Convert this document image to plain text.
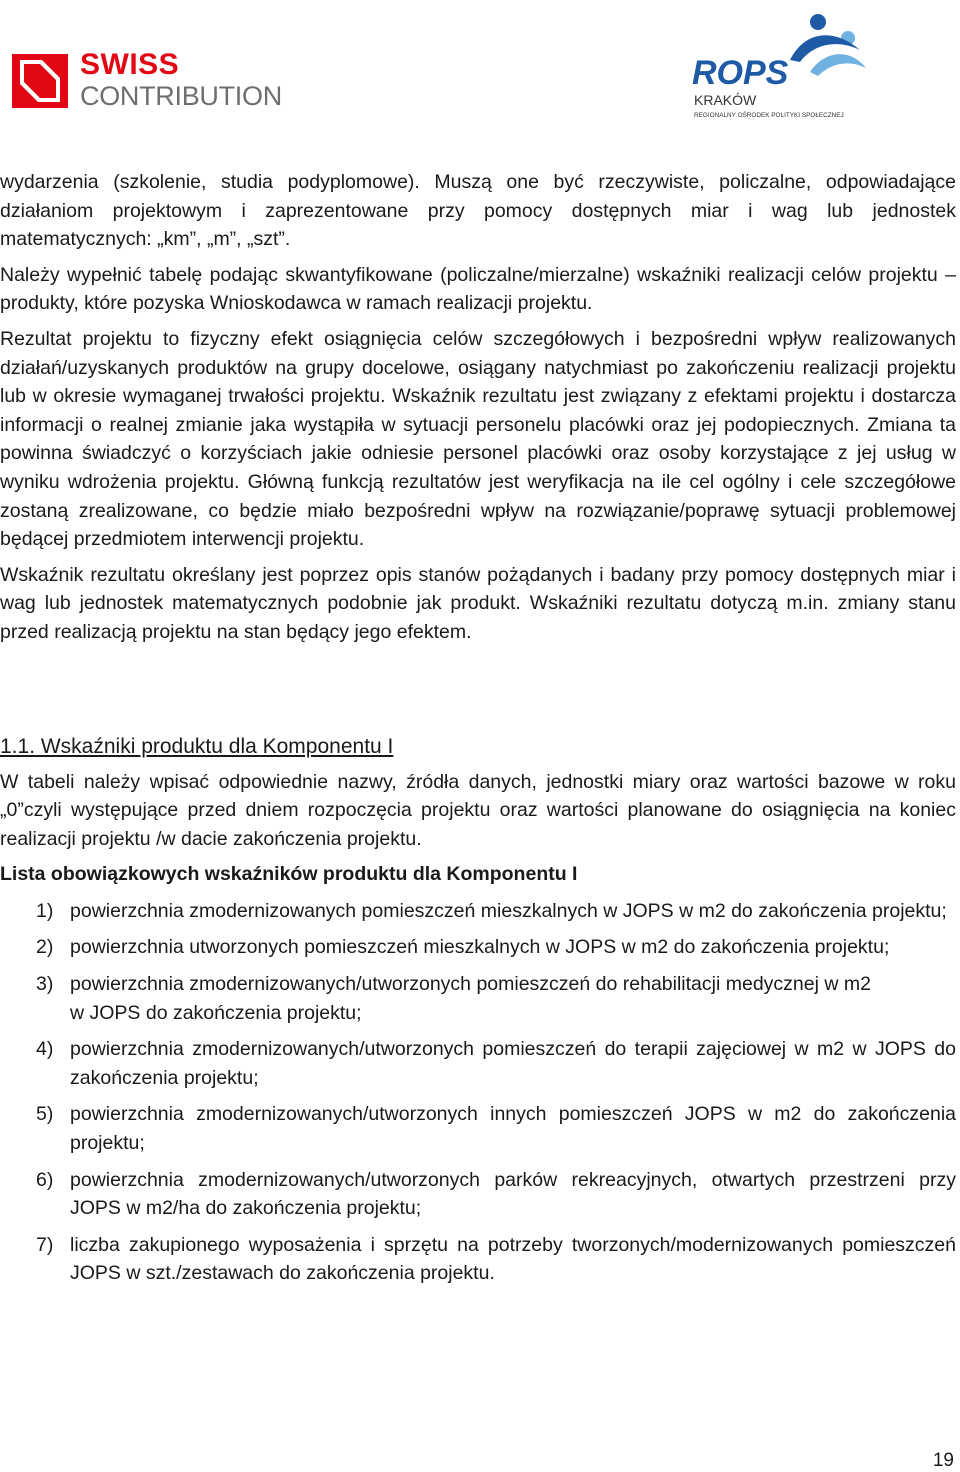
SWISS
CONTRIBUTION
ROPS
KRAKÓW
REGIONALNY OŚRODEK POLITYKI SPOŁECZNEJ

wydarzenia (szkolenie, studia podyplomowe). Muszą one być rzeczywiste, policzalne, odpowiadające działaniom projektowym i zaprezentowane przy pomocy dostępnych miar i wag lub jednostek matematycznych: „km”, „m”, „szt”.

Należy wypełnić tabelę podając skwantyfikowane (policzalne/mierzalne) wskaźniki realizacji celów projektu – produkty, które pozyska Wnioskodawca w ramach realizacji projektu.

Rezultat projektu to fizyczny efekt osiągnięcia celów szczegółowych i bezpośredni wpływ realizowanych działań/uzyskanych produktów na grupy docelowe, osiągany natychmiast po zakończeniu realizacji projektu lub w okresie wymaganej trwałości projektu. Wskaźnik rezultatu jest związany z efektami projektu i dostarcza informacji o realnej zmianie jaka wystąpiła w sytuacji personelu placówki oraz jej podopiecznych. Zmiana ta powinna świadczyć o korzyściach jakie odniesie personel placówki oraz osoby korzystające z jej usług w wyniku wdrożenia projektu. Główną funkcją rezultatów jest weryfikacja na ile cel ogólny i cele szczegółowe zostaną zrealizowane, co będzie miało bezpośredni wpływ na rozwiązanie/poprawę sytuacji problemowej będącej przedmiotem interwencji projektu.

Wskaźnik rezultatu określany jest poprzez opis stanów pożądanych i badany przy pomocy dostępnych miar i wag lub jednostek matematycznych podobnie jak produkt. Wskaźniki rezultatu dotyczą m.in. zmiany stanu przed realizacją projektu na stan będący jego efektem.

1.1. Wskaźniki produktu dla Komponentu I

W tabeli należy wpisać odpowiednie nazwy, źródła danych, jednostki miary oraz wartości bazowe w roku „0”czyli występujące przed dniem rozpoczęcia projektu oraz wartości planowane do osiągnięcia na koniec realizacji projektu /w dacie zakończenia projektu.

Lista obowiązkowych wskaźników produktu dla Komponentu I

1) powierzchnia zmodernizowanych pomieszczeń mieszkalnych w JOPS w m2 do zakończenia projektu;
2) powierzchnia utworzonych pomieszczeń mieszkalnych w JOPS w m2 do zakończenia projektu;
3) powierzchnia zmodernizowanych/utworzonych pomieszczeń do rehabilitacji medycznej w m2
w JOPS do zakończenia projektu;
4) powierzchnia zmodernizowanych/utworzonych pomieszczeń do terapii zajęciowej w m2 w JOPS do zakończenia projektu;
5) powierzchnia zmodernizowanych/utworzonych innych pomieszczeń JOPS w m2 do zakończenia projektu;
6) powierzchnia zmodernizowanych/utworzonych parków rekreacyjnych, otwartych przestrzeni przy JOPS w m2/ha do zakończenia projektu;
7) liczba zakupionego wyposażenia i sprzętu na potrzeby tworzonych/modernizowanych pomieszczeń JOPS w szt./zestawach do zakończenia projektu.
19
